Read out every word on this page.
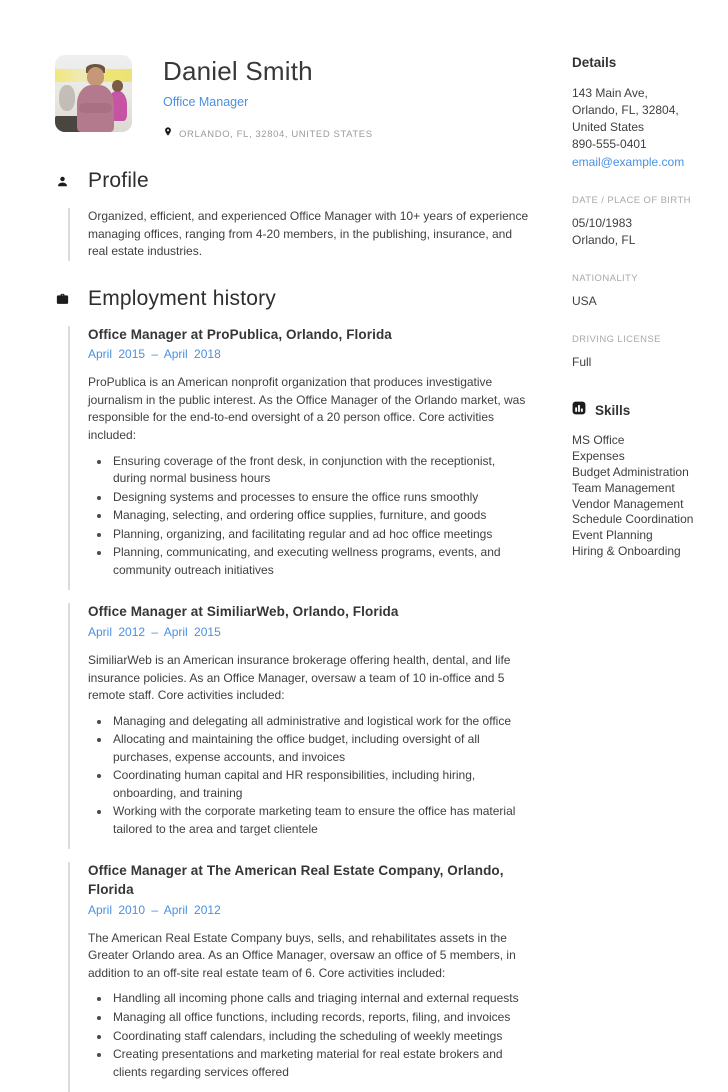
Daniel Smith
Office Manager
ORLANDO, FL, 32804, UNITED STATES
Profile

Organized, efficient, and experienced Office Manager with 10+ years of experience managing offices, ranging from 4-20 members, in the publishing, insurance, and real estate industries.

Employment history
Office Manager at ProPublica, Orlando, Florida
April 2015 – April 2018

ProPublica is an American nonprofit organization that produces investigative journalism in the public interest. As the Office Manager of the Orlando market, was responsible for the end-to-end oversight of a 20 person office. Core activities included:

• Ensuring coverage of the front desk, in conjunction with the receptionist, during normal business hours
• Designing systems and processes to ensure the office runs smoothly
• Managing, selecting, and ordering office supplies, furniture, and goods
• Planning, organizing, and facilitating regular and ad hoc office meetings
• Planning, communicating, and executing wellness programs, events, and community outreach initiatives
Office Manager at SimiliarWeb, Orlando, Florida
April 2012 – April 2015

SimiliarWeb is an American insurance brokerage offering health, dental, and life insurance policies. As an Office Manager, oversaw a team of 10 in-office and 5 remote staff. Core activities included:

• Managing and delegating all administrative and logistical work for the office
• Allocating and maintaining the office budget, including oversight of all purchases, expense accounts, and invoices
• Coordinating human capital and HR responsibilities, including hiring, onboarding, and training
• Working with the corporate marketing team to ensure the office has material tailored to the area and target clientele
Office Manager at The American Real Estate Company, Orlando, Florida
April 2010 – April 2012

The American Real Estate Company buys, sells, and rehabilitates assets in the Greater Orlando area. As an Office Manager, oversaw an office of 5 members, in addition to an off-site real estate team of 6. Core activities included:

• Handling all incoming phone calls and triaging internal and external requests
• Managing all office functions, including records, reports, filing, and invoices
• Coordinating staff calendars, including the scheduling of weekly meetings
• Creating presentations and marketing material for real estate brokers and clients regarding services offered
Details
143 Main Ave, Orlando, FL, 32804, United States
890-555-0401
email@example.com
DATE / PLACE OF BIRTH
05/10/1983
Orlando, FL
NATIONALITY
USA
DRIVING LICENSE
Full
Skills
MS Office
Expenses
Budget Administration
Team Management
Vendor Management
Schedule Coordination
Event Planning
Hiring & Onboarding
